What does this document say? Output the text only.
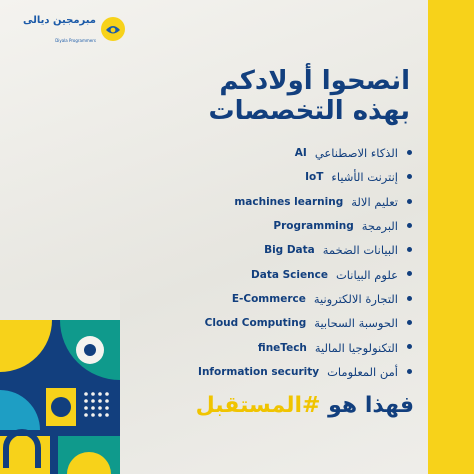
مبرمجين ديالى
Diyala Programmers
انصحوا أولادكم
بهذه التخصصات
AI الذكاء الاصطناعي
IoT إنترنت الأشياء
machines learning تعليم الالة
Programming البرمجة
Big Data البيانات الضخمة
Data Science علوم البيانات
E-Commerce التجارة الالكترونية
Cloud Computing الحوسبة السحابية
fineTech التكنولوجيا المالية
Information security أمن المعلومات
فهذا هو #المستقبل
